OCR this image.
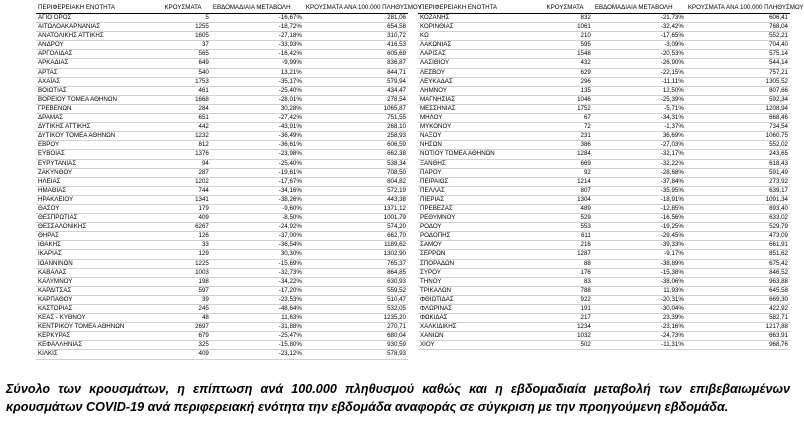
ΠΕΡΙΦΕΡΕΙΑΚΗ ΕΝΟΤΗΤΑ	ΚΡΟΥΣΜΑΤΑ	ΕΒΔΟΜΑΔΙΑΙΑ ΜΕΤΑΒΟΛΗ	ΚΡΟΥΣΜΑΤΑ ΑΝΑ 100.000 ΠΛΗΘΥΣΜΟΥ
ΑΓΙΟ ΟΡΟΣ	5	-16,67%	281,06
ΑΙΤΩΛΟΑΚΑΡΝΑΝΙΑΣ	1255	-18,72%	654,58
ΑΝΑΤΟΛΙΚΗΣ ΑΤΤΙΚΗΣ	1605	-27,18%	310,72
ΑΝΔΡΟΥ	37	-33,93%	416,53
ΑΡΓΟΛΙΔΑΣ	565	-16,42%	605,69
ΑΡΚΑΔΙΑΣ	649	-9,99%	836,87
ΑΡΤΑΣ	540	13,21%	844,71
ΑΧΑΪΑΣ	1753	-35,17%	579,94
ΒΟΙΩΤΙΑΣ	461	-25,40%	434,47
ΒΟΡΕΙΟΥ ΤΟΜΕΑ ΑΘΗΝΩΝ	1668	-28,01%	278,54
ΓΡΕΒΕΝΩΝ	284	30,28%	1065,87
ΔΡΑΜΑΣ	651	-27,42%	751,55
ΔΥΤΙΚΗΣ ΑΤΤΙΚΗΣ	442	-43,91%	268,10
ΔΥΤΙΚΟΥ ΤΟΜΕΑ ΑΘΗΝΩΝ	1232	-36,49%	258,93
ΕΒΡΟΥ	812	-36,61%	606,59
ΕΥΒΟΙΑΣ	1376	-23,98%	662,38
ΕΥΡΥΤΑΝΙΑΣ	94	-25,40%	538,34
ΖΑΚΥΝΘΟΥ	287	-19,61%	708,50
ΗΛΕΙΑΣ	1202	-17,67%	804,82
ΗΜΑΘΙΑΣ	744	-34,16%	572,19
ΗΡΑΚΛΕΙΟΥ	1341	-38,26%	443,38
ΘΑΣΟΥ	179	-9,60%	1371,12
ΘΕΣΠΡΩΤΙΑΣ	409	-8,50%	1001,79
ΘΕΣΣΑΛΟΝΙΚΗΣ	6267	-24,92%	574,20
ΘΗΡΑΣ	126	-37,00%	662,70
ΙΘΑΚΗΣ	33	-36,54%	1189,62
ΙΚΑΡΙΑΣ	129	30,30%	1302,90
ΙΩΑΝΝΙΝΩΝ	1225	-15,69%	765,37
ΚΑΒΑΛΑΣ	1003	-32,73%	864,85
ΚΑΛΥΜΝΟΥ	198	-34,22%	630,93
ΚΑΡΔΙΤΣΑΣ	597	-17,20%	559,52
ΚΑΡΠΑΘΟΥ	39	-23,53%	510,47
ΚΑΣΤΟΡΙΑΣ	245	-48,64%	532,05
ΚΕΑΣ - ΚΥΘΝΟΥ	48	11,63%	1235,20
ΚΕΝΤΡΙΚΟΥ ΤΟΜΕΑ ΑΘΗΝΩΝ	2697	-31,88%	270,71
ΚΕΡΚΥΡΑΣ	679	-25,47%	680,04
ΚΕΦΑΛΛΗΝΙΑΣ	325	-15,80%	930,59
ΚΙΛΚΙΣ	409	-23,12%	578,93
ΠΕΡΙΦΕΡΕΙΑΚΗ ΕΝΟΤΗΤΑ	ΚΡΟΥΣΜΑΤΑ	ΕΒΔΟΜΑΔΙΑΙΑ ΜΕΤΑΒΟΛΗ	ΚΡΟΥΣΜΑΤΑ ΑΝΑ 100.000 ΠΛΗΘΥΣΜΟΥ
ΚΟΖΑΝΗΣ	832	-21,73%	606,41
ΚΟΡΙΝΘΙΑΣ	1061	-32,42%	768,04
ΚΩ	210	-17,65%	552,21
ΛΑΚΩΝΙΑΣ	595	-3,09%	704,40
ΛΑΡΙΣΑΣ	1548	-20,53%	575,14
ΛΑΣΙΘΙΟΥ	432	-26,90%	544,14
ΛΕΣΒΟΥ	629	-22,15%	757,21
ΛΕΥΚΑΔΑΣ	296	-11,11%	1305,52
ΛΗΜΝΟΥ	135	12,50%	807,66
ΜΑΓΝΗΣΙΑΣ	1046	-25,39%	592,34
ΜΕΣΣΗΝΙΑΣ	1752	-5,71%	1208,94
ΜΗΛΟΥ	67	-34,31%	668,46
ΜΥΚΟΝΟΥ	72	-1,37%	734,54
ΝΑΞΟΥ	231	36,69%	1060,75
ΝΗΣΩΝ	386	-27,03%	552,02
ΝΟΤΙΟΥ ΤΟΜΕΑ ΑΘΗΝΩΝ	1284	-32,17%	243,65
ΞΑΝΘΗΣ	669	-32,22%	618,43
ΠΑΡΟΥ	92	-28,68%	591,49
ΠΕΙΡΑΙΩΣ	1214	-37,84%	273,92
ΠΕΛΛΑΣ	807	-35,95%	639,17
ΠΙΕΡΙΑΣ	1304	-18,91%	1091,34
ΠΡΕΒΕΖΑΣ	489	-12,85%	893,40
ΡΕΘΥΜΝΟΥ	529	-16,56%	633,02
ΡΟΔΟΥ	553	-19,25%	529,79
ΡΟΔΟΠΗΣ	611	-29,45%	473,09
ΣΑΜΟΥ	216	-39,33%	661,91
ΣΕΡΡΩΝ	1287	-9,17%	851,62
ΣΠΟΡΑΔΩΝ	88	-38,89%	675,42
ΣΥΡΟΥ	176	-15,38%	846,52
ΤΗΝΟΥ	83	-38,06%	963,88
ΤΡΙΚΑΛΩΝ	788	11,93%	645,58
ΦΘΙΩΤΙΔΑΣ	922	-20,31%	669,30
ΦΛΩΡΙΝΑΣ	191	-30,04%	422,92
ΦΩΚΙΔΑΣ	217	23,39%	582,71
ΧΑΛΚΙΔΙΚΗΣ	1234	-23,16%	1217,88
ΧΑΝΙΩΝ	1032	-24,73%	663,91
ΧΙΟΥ	502	-11,31%	968,76
Σύνολο των κρουσμάτων, η επίπτωση ανά 100.000 πληθυσμού καθώς και η εβδομαδιαία μεταβολή των επιβεβαιωμένων κρουσμάτων COVID-19 ανά περιφερειακή ενότητα την εβδομάδα αναφοράς σε σύγκριση με την προηγούμενη εβδομάδα.
